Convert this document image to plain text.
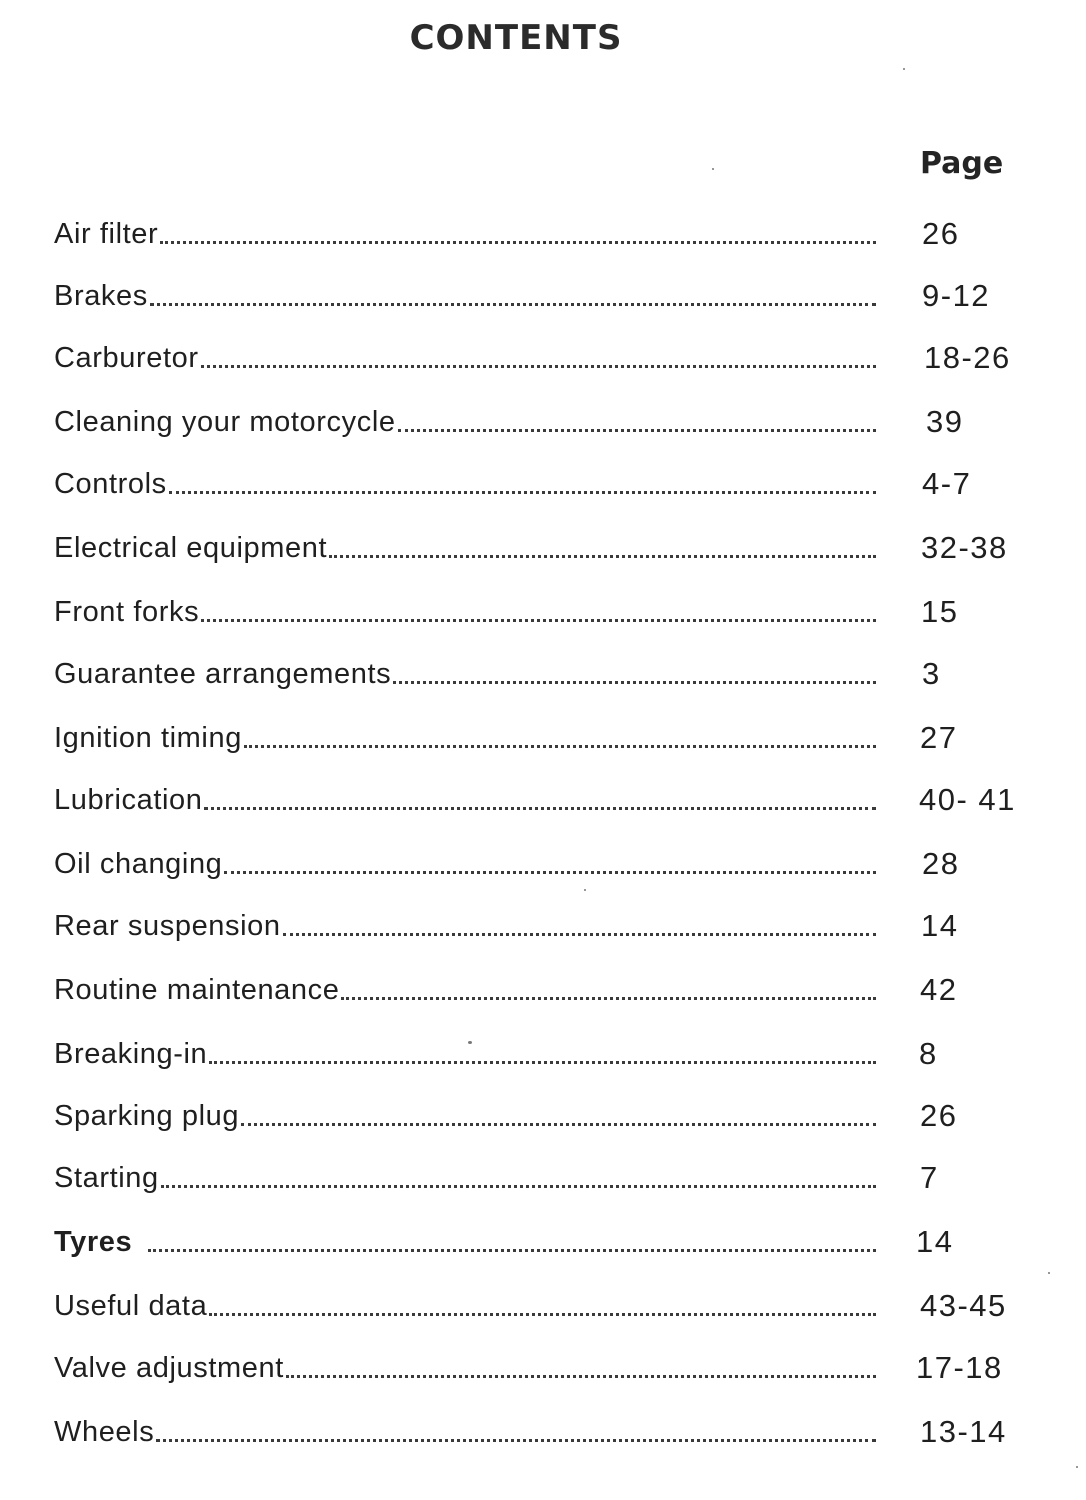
CONTENTS
Page
Air filter	26
Brakes	9-12
Carburetor	18-26
Cleaning your motorcycle	39
Controls	4-7
Electrical equipment	32-38
Front forks	15
Guarantee arrangements	3
Ignition timing	27
Lubrication	40- 41
Oil changing	28
Rear suspension	14
Routine maintenance	42
Breaking-in	8
Sparking plug	26
Starting	7
Tyres	14
Useful data	43-45
Valve adjustment	17-18
Wheels	13-14
